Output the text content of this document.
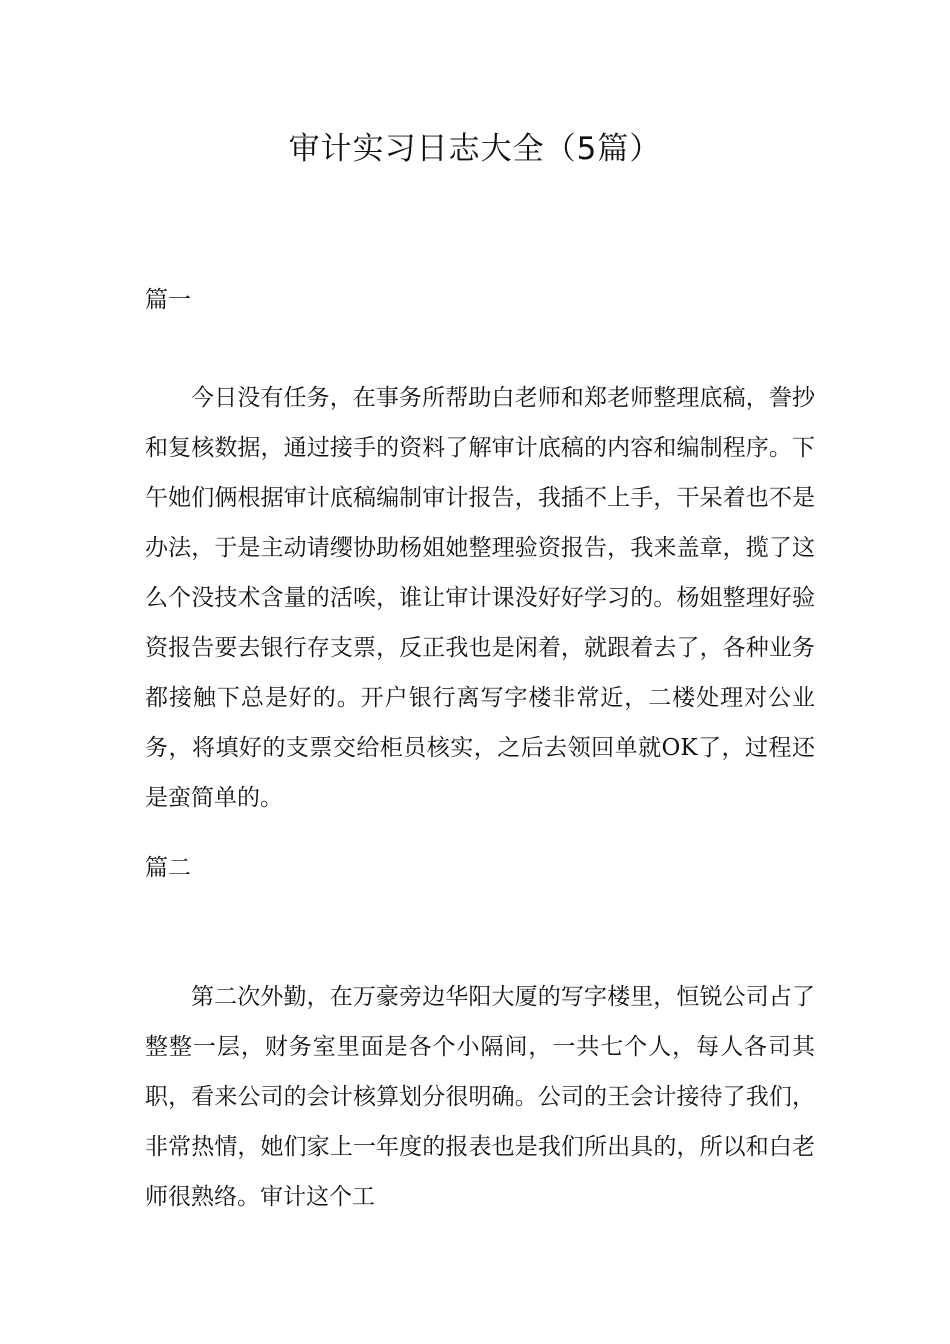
审计实习日志大全（5篇）
篇一

今日没有任务，在事务所帮助白老师和郑老师整理底稿，誊抄和复核数据，通过接手的资料了解审计底稿的内容和编制程序。下午她们俩根据审计底稿编制审计报告，我插不上手，干呆着也不是办法，于是主动请缨协助杨姐她整理验资报告，我来盖章，揽了这么个没技术含量的活唉，谁让审计课没好好学习的。杨姐整理好验资报告要去银行存支票，反正我也是闲着，就跟着去了，各种业务都接触下总是好的。开户银行离写字楼非常近，二楼处理对公业务，将填好的支票交给柜员核实，之后去领回单就OK了，过程还是蛮简单的。

篇二

第二次外勤，在万豪旁边华阳大厦的写字楼里，恒锐公司占了整整一层，财务室里面是各个小隔间，一共七个人，每人各司其职，看来公司的会计核算划分很明确。公司的王会计接待了我们，非常热情，她们家上一年度的报表也是我们所出具的，所以和白老师很熟络。审计这个工
